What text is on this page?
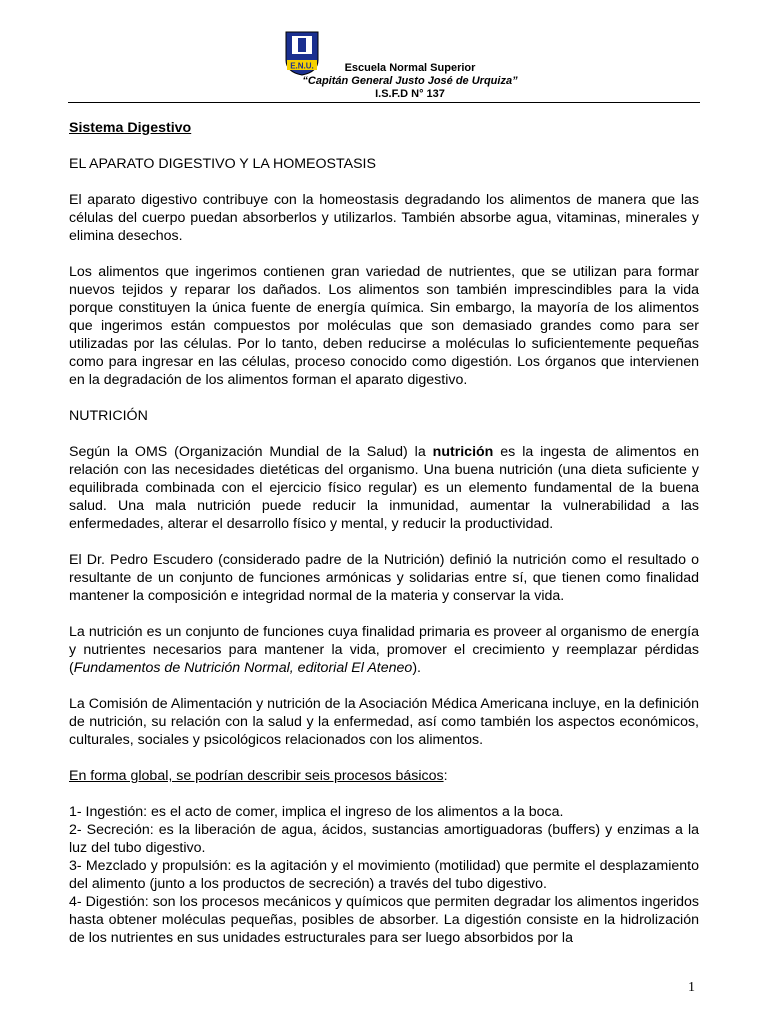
E.N.U.	Escuela Normal Superior
“Capitán General Justo José de Urquiza”
I.S.F.D N° 137

Sistema Digestivo

EL APARATO DIGESTIVO Y LA HOMEOSTASIS

El aparato digestivo contribuye con la homeostasis degradando los alimentos de manera que las células del cuerpo puedan absorberlos y utilizarlos. También absorbe agua, vitaminas, minerales y elimina desechos.

Los alimentos que ingerimos contienen gran variedad de nutrientes, que se utilizan para formar nuevos tejidos y reparar los dañados. Los alimentos son también imprescindibles para la vida porque constituyen la única fuente de energía química. Sin embargo, la mayoría de los alimentos que ingerimos están compuestos por moléculas que son demasiado grandes como para ser utilizadas por las células. Por lo tanto, deben reducirse a moléculas lo suficientemente pequeñas como para ingresar en las células, proceso conocido como digestión. Los órganos que intervienen en la degradación de los alimentos forman el aparato digestivo.

NUTRICIÓN

Según la OMS (Organización Mundial de la Salud) la nutrición es la ingesta de alimentos en relación con las necesidades dietéticas del organismo. Una buena nutrición (una dieta suficiente y equilibrada combinada con el ejercicio físico regular) es un elemento fundamental de la buena salud. Una mala nutrición puede reducir la inmunidad, aumentar la vulnerabilidad a las enfermedades, alterar el desarrollo físico y mental, y reducir la productividad.

El Dr. Pedro Escudero (considerado padre de la Nutrición) definió la nutrición como el resultado o resultante de un conjunto de funciones armónicas y solidarias entre sí, que tienen como finalidad mantener la composición e integridad normal de la materia y conservar la vida.

La nutrición es un conjunto de funciones cuya finalidad primaria es proveer al organismo de energía y nutrientes necesarios para mantener la vida, promover el crecimiento y reemplazar pérdidas (Fundamentos de Nutrición Normal, editorial El Ateneo).

La Comisión de Alimentación y nutrición de la Asociación Médica Americana incluye, en la definición de nutrición, su relación con la salud y la enfermedad, así como también los aspectos económicos, culturales, sociales y psicológicos relacionados con los alimentos.

En forma global, se podrían describir seis procesos básicos:

1- Ingestión: es el acto de comer, implica el ingreso de los alimentos a la boca.

2- Secreción: es la liberación de agua, ácidos, sustancias amortiguadoras (buffers) y enzimas a la luz del tubo digestivo.

3- Mezclado y propulsión: es la agitación y el movimiento (motilidad) que permite el desplazamiento del alimento (junto a los productos de secreción) a través del tubo digestivo.

4- Digestión: son los procesos mecánicos y químicos que permiten degradar los alimentos ingeridos hasta obtener moléculas pequeñas, posibles de absorber. La digestión consiste en la hidrolización de los nutrientes en sus unidades estructurales para ser luego absorbidos por la

1
